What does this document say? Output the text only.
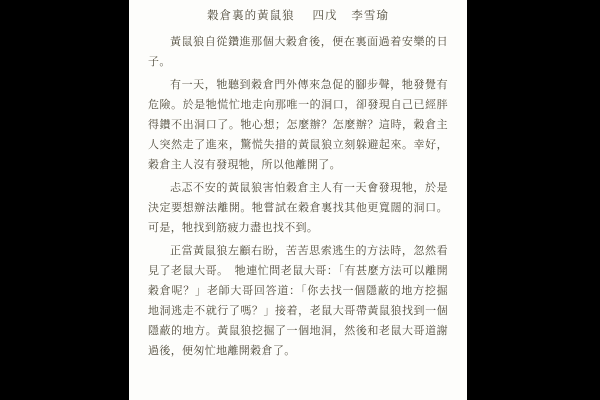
穀倉裏的黃鼠狼 四戊 李雪瑜

黃鼠狼自從鑽進那個大穀倉後，便在裏面過着安樂的日子。

有一天，牠聽到穀倉門外傳來急促的腳步聲，牠發覺有危險。於是牠慌忙地走向那唯一的洞口，卻發現自己已經胖得鑽不出洞口了。牠心想；怎麼辦？怎麼辦？這時，穀倉主人突然走了進來，驚慌失措的黃鼠狼立刻躲避起來。幸好，穀倉主人沒有發現牠，所以他離開了。

忐忑不安的黃鼠狼害怕穀倉主人有一天會發現牠，於是決定要想辦法離開。牠嘗試在穀倉裏找其他更寬闊的洞口。可是，牠找到筋疲力盡也找不到。

正當黃鼠狼左顧右盼，苦苦思索逃生的方法時，忽然看見了老鼠大哥。　牠連忙問老鼠大哥：「有甚麼方法可以離開穀倉呢？」老師大哥回答道：「你去找一個隱蔽的地方挖掘地洞逃走不就行了嗎？」接着，老鼠大哥帶黃鼠狼找到一個隱蔽的地方。黃鼠狼挖掘了一個地洞，然後和老鼠大哥道謝過後，便匆忙地離開穀倉了。
